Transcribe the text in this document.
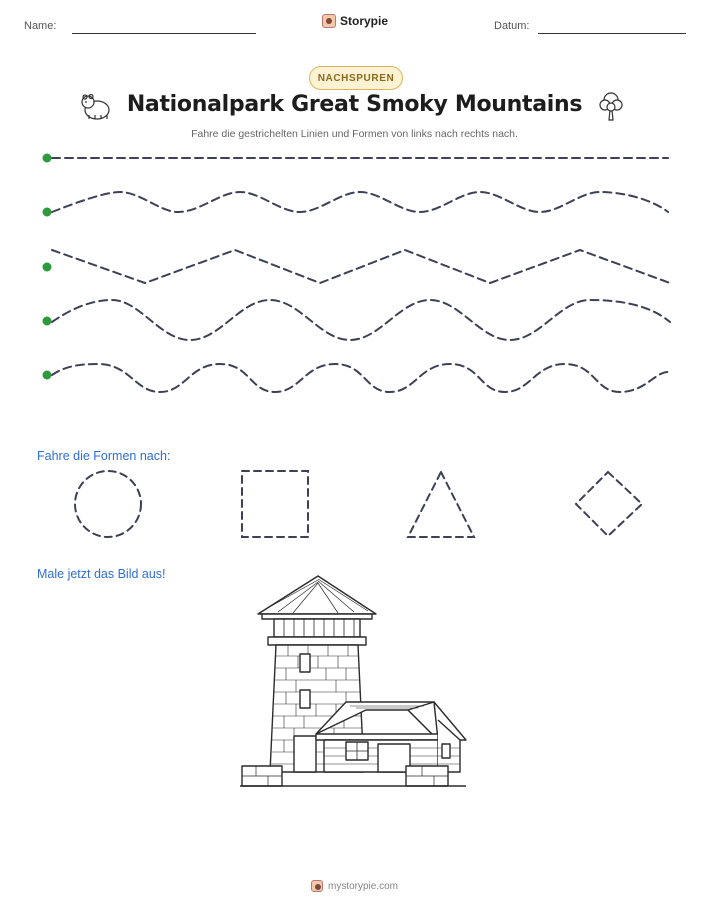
Name:	Storypie	Datum:
NACHSPUREN
Nationalpark Great Smoky Mountains
Fahre die gestrichelten Linien und Formen von links nach rechts nach.
Fahre die Formen nach:
Male jetzt das Bild aus!
mystorypie.com
